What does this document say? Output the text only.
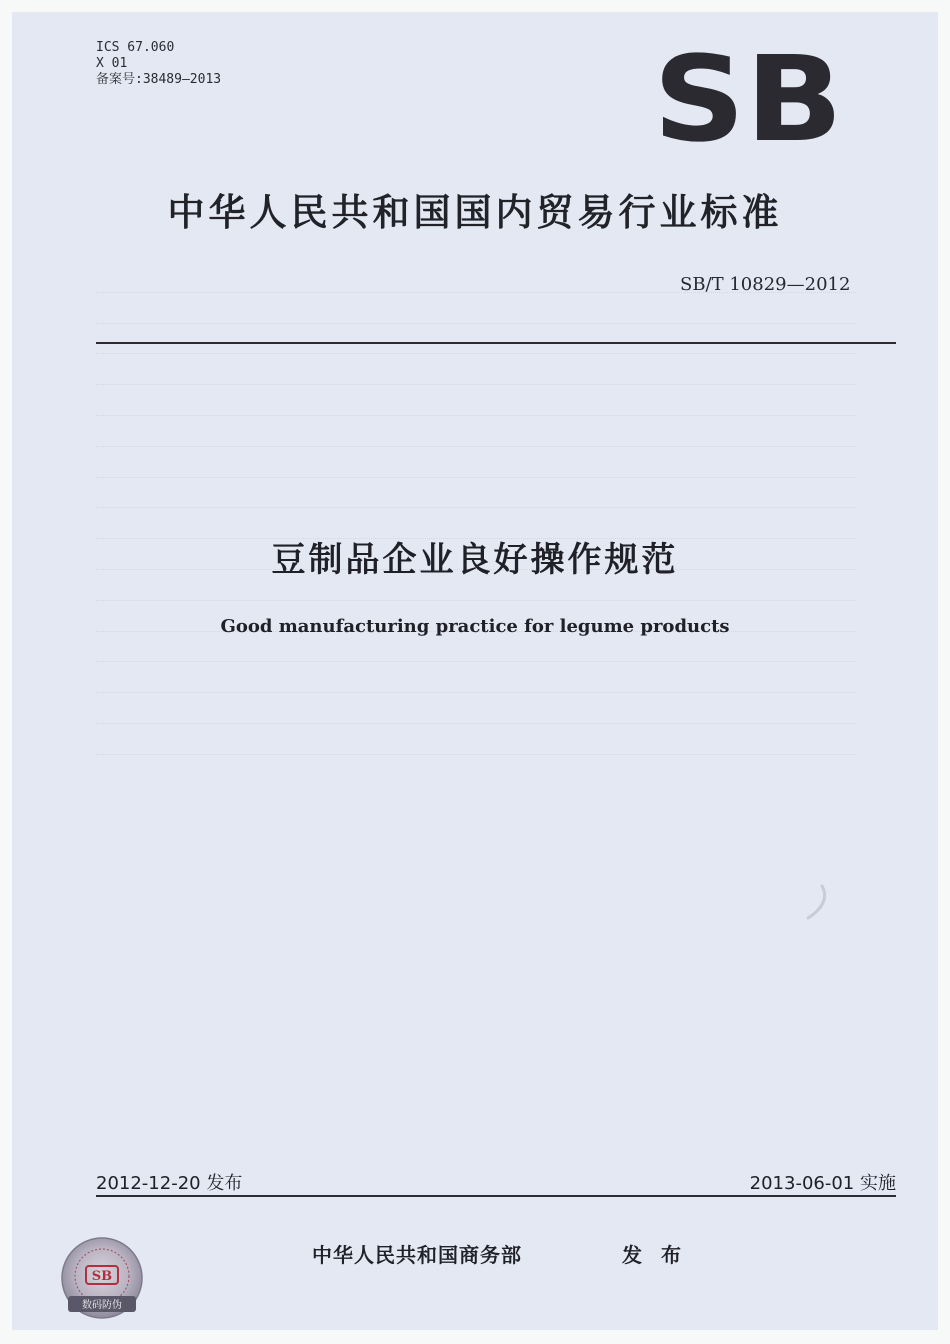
ICS 67.060
X 01
备案号:38489—2013	SB
中华人民共和国国内贸易行业标准
SB/T 10829—2012
豆制品企业良好操作规范
Good manufacturing practice for legume products
2012-12-20 发布	2013-06-01 实施
SB
数码防伪
中华人民共和国商务部	发 布
